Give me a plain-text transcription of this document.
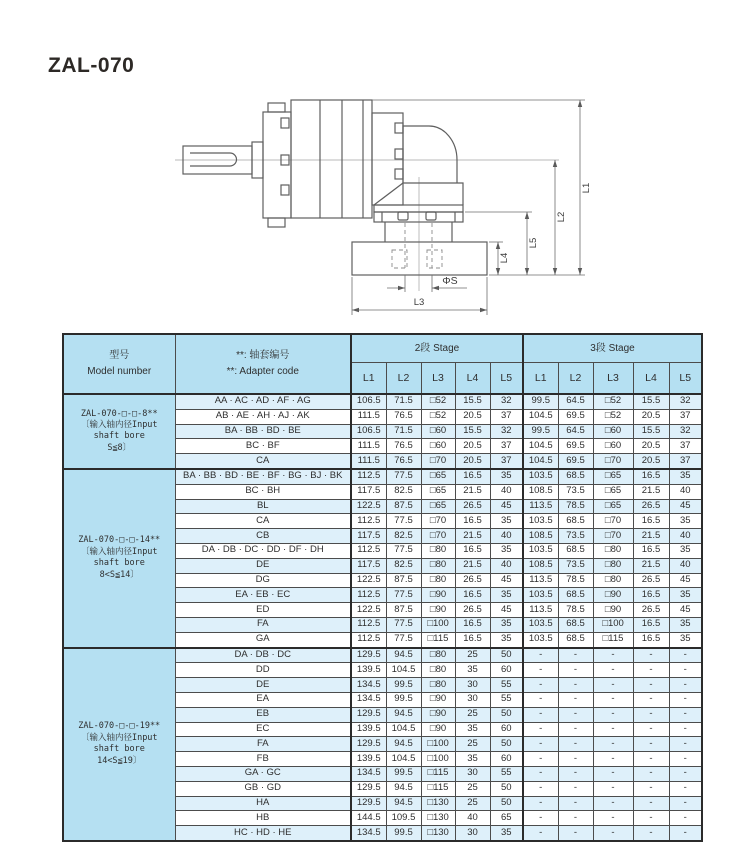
ZAL-070
L1
L2
L5
L4
L3
ΦS
型号
Model number

**: 轴套编号
**: Adapter code
	2段 Stage	3段 Stage
		L1	L2	L3	L4	L5	L1	L2	L3	L4	L5

ZAL-070-□-□-8**
〔输入轴内径Input
shaft bore
S≦8〕	AA · AC · AD · AF · AG	106.5	71.5	□52	15.5	32	99.5	64.5	□52	15.5	32
	AB · AE · AH · AJ · AK	111.5	76.5	□52	20.5	37	104.5	69.5	□52	20.5	37
	BA · BB · BD · BE	106.5	71.5	□60	15.5	32	99.5	64.5	□60	15.5	32
	BC · BF	111.5	76.5	□60	20.5	37	104.5	69.5	□60	20.5	37
	CA	111.5	76.5	□70	20.5	37	104.5	69.5	□70	20.5	37

ZAL-070-□-□-14**
〔输入轴内径Input
shaft bore
8<S≦14〕	BA · BB · BD · BE · BF · BG · BJ · BK	112.5	77.5	□65	16.5	35	103.5	68.5	□65	16.5	35
	BC · BH	117.5	82.5	□65	21.5	40	108.5	73.5	□65	21.5	40
	BL	122.5	87.5	□65	26.5	45	113.5	78.5	□65	26.5	45
	CA	112.5	77.5	□70	16.5	35	103.5	68.5	□70	16.5	35
	CB	117.5	82.5	□70	21.5	40	108.5	73.5	□70	21.5	40
	DA · DB · DC · DD · DF · DH	112.5	77.5	□80	16.5	35	103.5	68.5	□80	16.5	35
	DE	117.5	82.5	□80	21.5	40	108.5	73.5	□80	21.5	40
	DG	122.5	87.5	□80	26.5	45	113.5	78.5	□80	26.5	45
	EA · EB · EC	112.5	77.5	□90	16.5	35	103.5	68.5	□90	16.5	35
	ED	122.5	87.5	□90	26.5	45	113.5	78.5	□90	26.5	45
	FA	112.5	77.5	□100	16.5	35	103.5	68.5	□100	16.5	35
	GA	112.5	77.5	□115	16.5	35	103.5	68.5	□115	16.5	35

ZAL-070-□-□-19**
〔输入轴内径Input
shaft bore
14<S≦19〕	DA · DB · DC	129.5	94.5	□80	25	50	-	-	-	-	-
	DD	139.5	104.5	□80	35	60	-	-	-	-	-
	DE	134.5	99.5	□80	30	55	-	-	-	-	-
	EA	134.5	99.5	□90	30	55	-	-	-	-	-
	EB	129.5	94.5	□90	25	50	-	-	-	-	-
	EC	139.5	104.5	□90	35	60	-	-	-	-	-
	FA	129.5	94.5	□100	25	50	-	-	-	-	-
	FB	139.5	104.5	□100	35	60	-	-	-	-	-
	GA · GC	134.5	99.5	□115	30	55	-	-	-	-	-
	GB · GD	129.5	94.5	□115	25	50	-	-	-	-	-
	HA	129.5	94.5	□130	25	50	-	-	-	-	-
	HB	144.5	109.5	□130	40	65	-	-	-	-	-
	HC · HD · HE	134.5	99.5	□130	30	35	-	-	-	-	-
